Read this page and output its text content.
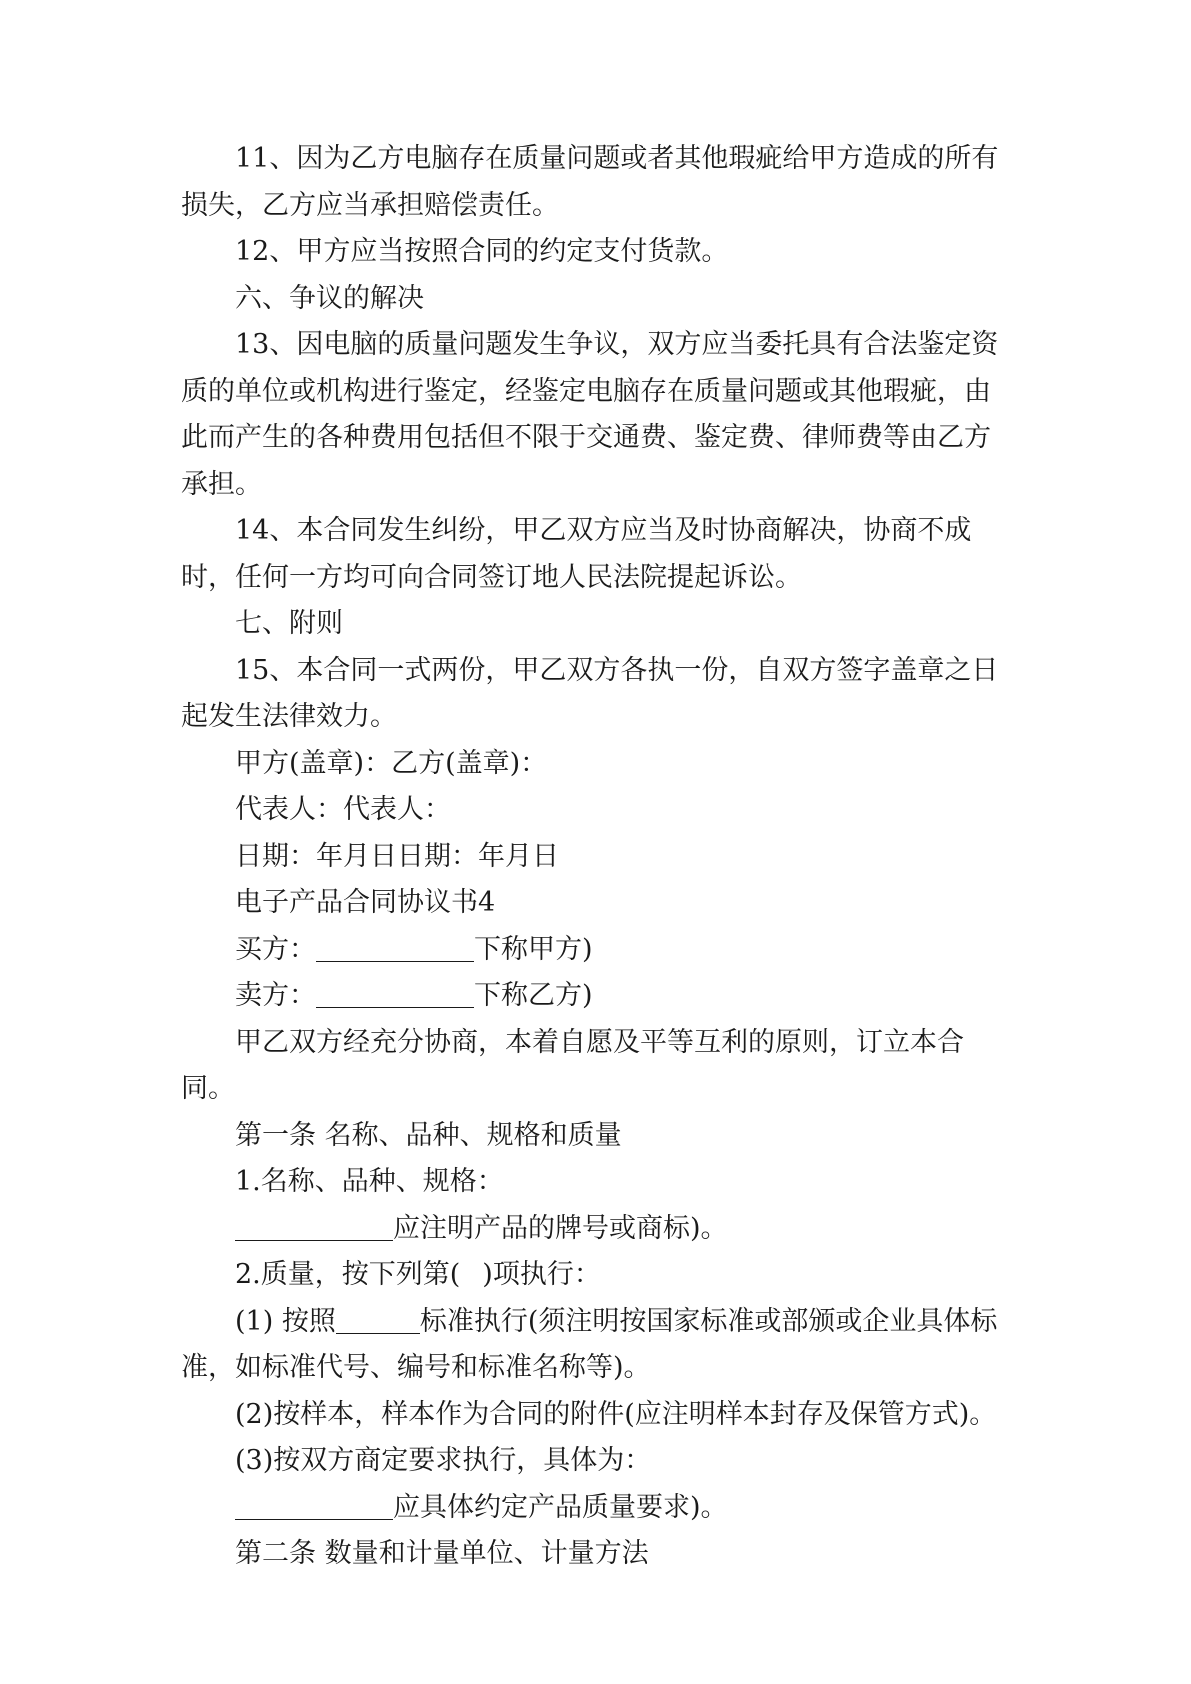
11、因为乙方电脑存在质量问题或者其他瑕疵给甲方造成的所有损失，乙方应当承担赔偿责任。

12、甲方应当按照合同的约定支付货款。

六、争议的解决

13、因电脑的质量问题发生争议，双方应当委托具有合法鉴定资质的单位或机构进行鉴定，经鉴定电脑存在质量问题或其他瑕疵，由此而产生的各种费用包括但不限于交通费、鉴定费、律师费等由乙方承担。

14、本合同发生纠纷，甲乙双方应当及时协商解决，协商不成时，任何一方均可向合同签订地人民法院提起诉讼。

七、附则

15、本合同一式两份，甲乙双方各执一份，自双方签字盖章之日起发生法律效力。

甲方(盖章)：乙方(盖章)：

代表人：代表人：

日期：年月日日期：年月日

电子产品合同协议书4

买方：	下称甲方)

卖方：	下称乙方)

甲乙双方经充分协商，本着自愿及平等互利的原则，订立本合同。

第一条 名称、品种、规格和质量

1.名称、品种、规格：

应注明产品的牌号或商标)。

2.质量，按下列第( )项执行：

(1) 按照	标准执行(须注明按国家标准或部颁或企业具体标准，如标准代号、编号和标准名称等)。

(2)按样本，样本作为合同的附件(应注明样本封存及保管方式)。

(3)按双方商定要求执行，具体为：

应具体约定产品质量要求)。

第二条 数量和计量单位、计量方法
